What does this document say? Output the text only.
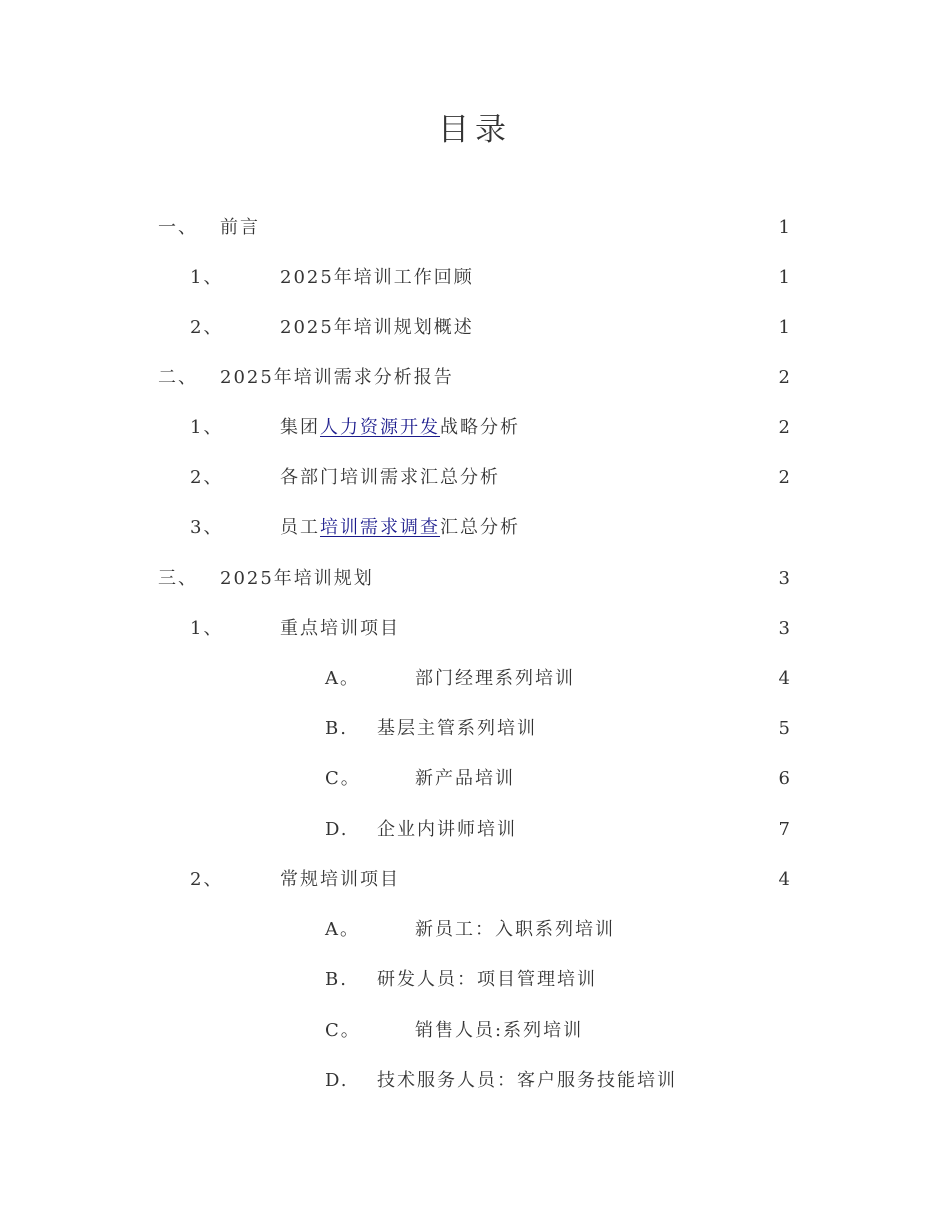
目录
一、 前言	1
1、	2025年培训工作回顾	1
2、	2025年培训规划概述	1
二、 2025年培训需求分析报告	2
1、	集团人力资源开发战略分析	2
2、	各部门培训需求汇总分析	2
3、	员工培训需求调查汇总分析
三、 2025年培训规划	3
1、	重点培训项目	3
A。	部门经理系列培训	4
B. 基层主管系列培训	5
C。	新产品培训	6
D. 企业内讲师培训	7
2、	常规培训项目	4
A。	新员工：入职系列培训
B. 研发人员：项目管理培训
C。	销售人员:系列培训
D. 技术服务人员：客户服务技能培训
